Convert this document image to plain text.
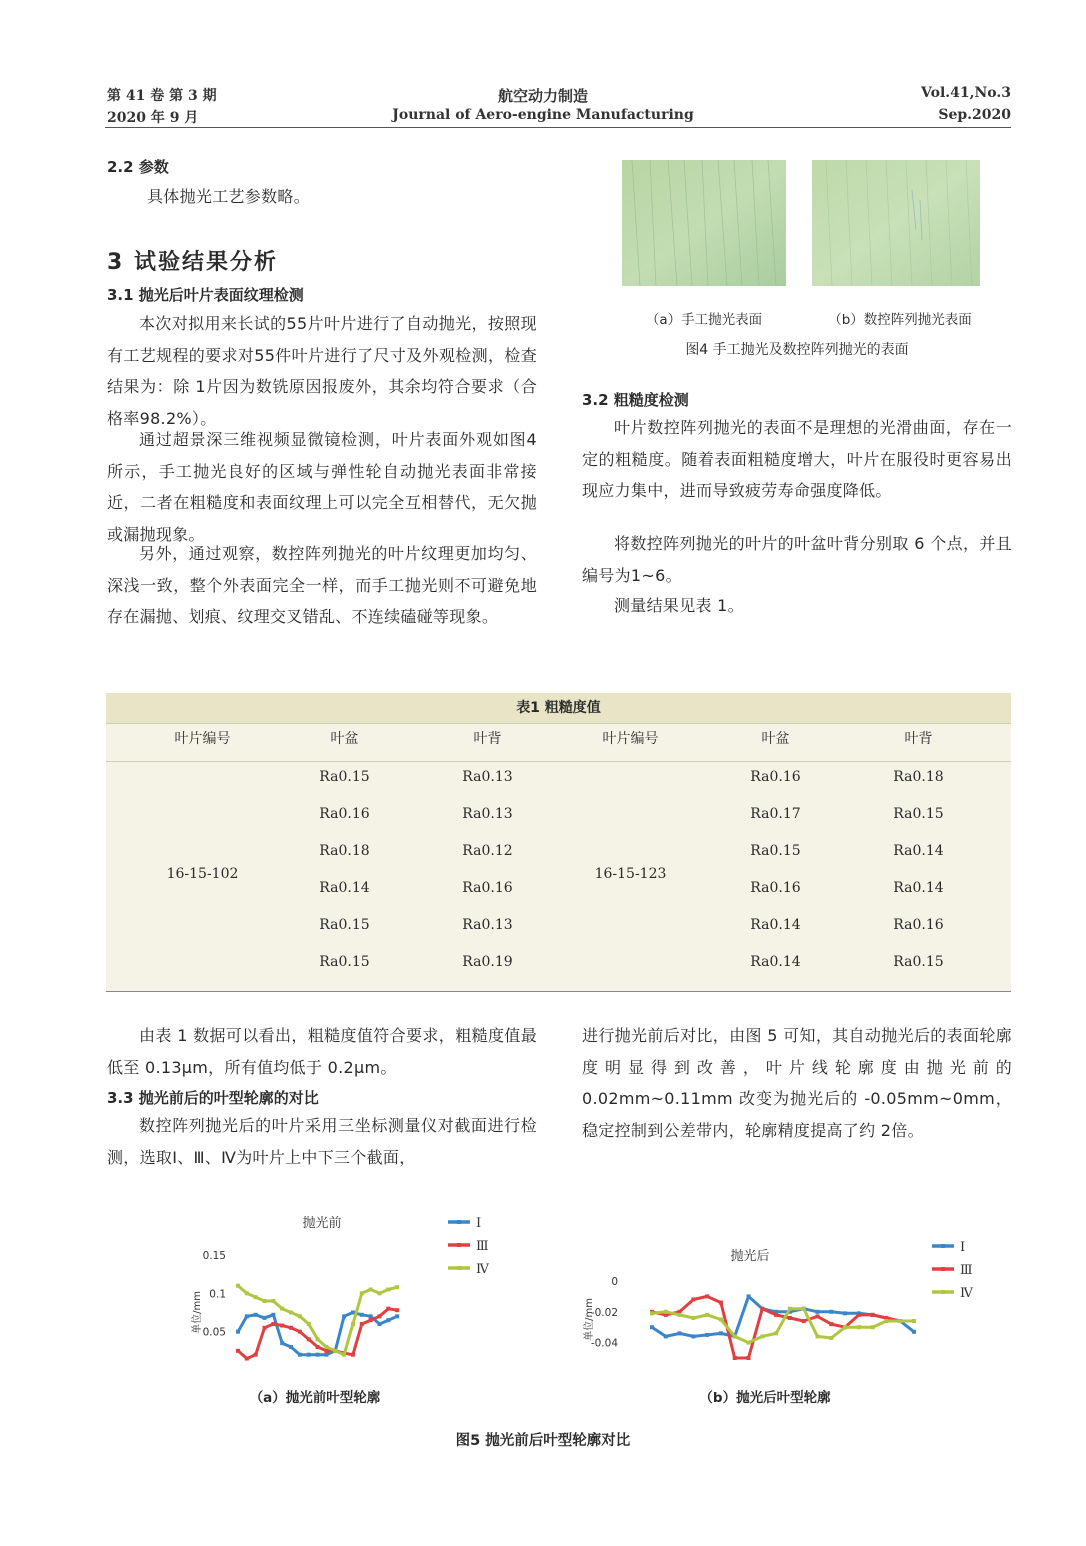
第 41 卷 第 3 期
2020 年 9 月
航空动力制造
Journal of Aero-engine Manufacturing
Vol.41,No.3
Sep.2020
2.2 参数
具体抛光工艺参数略。
3 试验结果分析
3.1 抛光后叶片表面纹理检测
本次对拟用来长试的55片叶片进行了自动抛光，按照现有工艺规程的要求对55件叶片进行了尺寸及外观检测，检查结果为：除 1片因为数铣原因报废外，其余均符合要求（合格率98.2%）。
通过超景深三维视频显微镜检测，叶片表面外观如图4所示，手工抛光良好的区域与弹性轮自动抛光表面非常接近，二者在粗糙度和表面纹理上可以完全互相替代，无欠抛或漏抛现象。
另外，通过观察，数控阵列抛光的叶片纹理更加均匀、深浅一致，整个外表面完全一样，而手工抛光则不可避免地存在漏抛、划痕、纹理交叉错乱、不连续磕碰等现象。
（a）手工抛光表面	（b）数控阵列抛光表面
图4 手工抛光及数控阵列抛光的表面
3.2 粗糙度检测
叶片数控阵列抛光的表面不是理想的光滑曲面，存在一定的粗糙度。随着表面粗糙度增大，叶片在服役时更容易出现应力集中，进而导致疲劳寿命强度降低。
将数控阵列抛光的叶片的叶盆叶背分别取 6 个点，并且编号为1~6。
测量结果见表 1。
表1 粗糙度值
叶片编号	叶盆	叶背	叶片编号	叶盆	叶背
16-15-102	16-15-123
Ra0.15	Ra0.13	Ra0.16	Ra0.18
Ra0.16	Ra0.13	Ra0.17	Ra0.15
Ra0.18	Ra0.12	Ra0.15	Ra0.14
Ra0.14	Ra0.16	Ra0.16	Ra0.14
Ra0.15	Ra0.13	Ra0.14	Ra0.16
Ra0.15	Ra0.19	Ra0.14	Ra0.15
由表 1 数据可以看出，粗糙度值符合要求，粗糙度值最低至 0.13μm，所有值均低于 0.2μm。
3.3 抛光前后的叶型轮廓的对比
数控阵列抛光后的叶片采用三坐标测量仪对截面进行检测，选取Ⅰ、Ⅲ、Ⅳ为叶片上中下三个截面，
进行抛光前后对比，由图 5 可知，其自动抛光后的表面轮廓度明显得到改善，叶片线轮廓度由抛光前的 0.02mm~0.11mm 改变为抛光后的 -0.05mm~0mm，稳定控制到公差带内，轮廓精度提高了约 2倍。
抛光前
单位/mm
0.15
0.1
0.05
Ⅰ
Ⅲ
Ⅳ
抛光后
单位/mm
0
-0.02
-0.04
Ⅰ
Ⅲ
Ⅳ
（a）抛光前叶型轮廓	（b）抛光后叶型轮廓
图5 抛光前后叶型轮廓对比
